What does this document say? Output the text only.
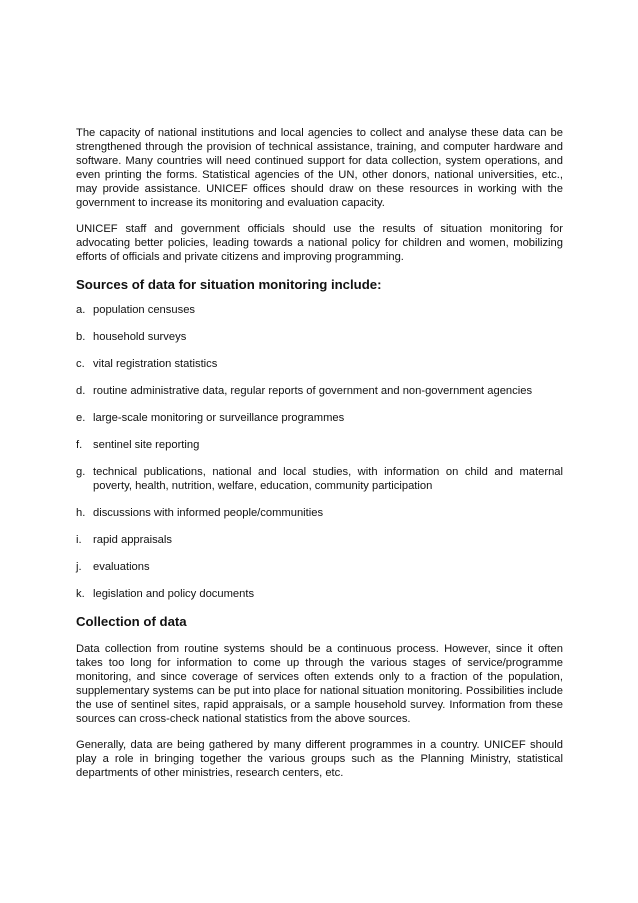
The capacity of national institutions and local agencies to collect and analyse these data can be strengthened through the provision of technical assistance, training, and computer hardware and software. Many countries will need continued support for data collection, system operations, and even printing the forms. Statistical agencies of the UN, other donors, national universities, etc., may provide assistance. UNICEF offices should draw on these resources in working with the government to increase its monitoring and evaluation capacity.

UNICEF staff and government officials should use the results of situation monitoring for advocating better policies, leading towards a national policy for children and women, mobilizing efforts of officials and private citizens and improving programming.

Sources of data for situation monitoring include:
a. population censuses
b. household surveys
c. vital registration statistics
d. routine administrative data, regular reports of government and non-government agencies
e. large-scale monitoring or surveillance programmes
f. sentinel site reporting
g. technical publications, national and local studies, with information on child and maternal poverty, health, nutrition, welfare, education, community participation
h. discussions with informed people/communities
i.	rapid appraisals
j.	evaluations
k. legislation and policy documents
Collection of data

Data collection from routine systems should be a continuous process. However, since it often takes too long for information to come up through the various stages of service/programme monitoring, and since coverage of services often extends only to a fraction of the population, supplementary systems can be put into place for national situation monitoring. Possibilities include the use of sentinel sites, rapid appraisals, or a sample household survey. Information from these sources can cross-check national statistics from the above sources.

Generally, data are being gathered by many different programmes in a country. UNICEF should play a role in bringing together the various groups such as the Planning Ministry, statistical departments of other ministries, research centers, etc.
